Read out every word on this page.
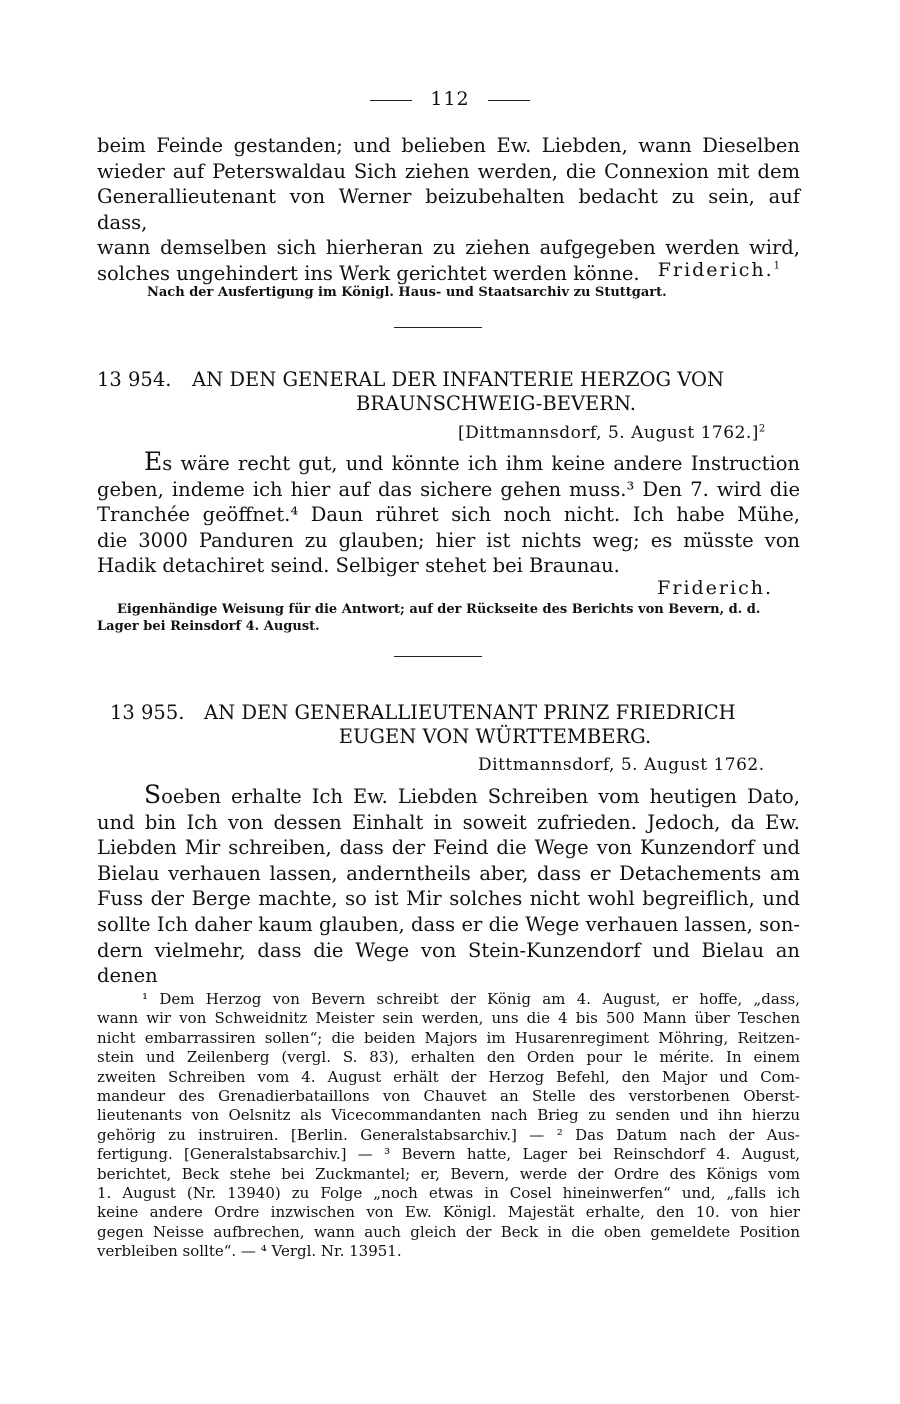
112

beim Feinde gestanden; und belieben Ew. Liebden, wann Dieselben

wieder auf Peterswaldau Sich ziehen werden, die Connexion mit dem

Generallieutenant von Werner beizubehalten bedacht zu sein, auf dass,

wann demselben sich hierheran zu ziehen aufgegeben werden wird,

solches ungehindert ins Werk gerichtet werden könne. Friderich.$^1$
Nach der Ausfertigung im Königl. Haus- und Staatsarchiv zu Stuttgart.
13 954.	AN DEN GENERAL DER INFANTERIE HERZOG VON
BRAUNSCHWEIG-BEVERN.
[Dittmannsdorf, 5. August 1762.]$^2$

Es wäre recht gut, und könnte ich ihm keine andere Instruction

geben, indeme ich hier auf das sichere gehen muss.³ Den 7. wird die

Tranchée geöffnet.⁴ Daun rühret sich noch nicht. Ich habe Mühe,

die 3000 Panduren zu glauben; hier ist nichts weg; es müsste von

Hadik detachiret seind. Selbiger stehet bei Braunau.

Friderich.
Eigenhändige Weisung für die Antwort; auf der Rückseite des Berichts von Bevern, d. d.
Lager bei Reinsdorf 4. August.
13 955.	AN DEN GENERALLIEUTENANT PRINZ FRIEDRICH
EUGEN VON WÜRTTEMBERG.
Dittmannsdorf, 5. August 1762.

Soeben erhalte Ich Ew. Liebden Schreiben vom heutigen Dato,

und bin Ich von dessen Einhalt in soweit zufrieden. Jedoch, da Ew.

Liebden Mir schreiben, dass der Feind die Wege von Kunzendorf und

Bielau verhauen lassen, anderntheils aber, dass er Detachements am

Fuss der Berge machte, so ist Mir solches nicht wohl begreiflich, und

sollte Ich daher kaum glauben, dass er die Wege verhauen lassen, son-

dern vielmehr, dass die Wege von Stein-Kunzendorf und Bielau an denen

¹ Dem Herzog von Bevern schreibt der König am 4. August, er hoffe, „dass,

wann wir von Schweidnitz Meister sein werden, uns die 4 bis 500 Mann über Teschen

nicht embarrassiren sollen“; die beiden Majors im Husarenregiment Möhring, Reitzen-

stein und Zeilenberg (vergl. S. 83), erhalten den Orden pour le mérite. In einem

zweiten Schreiben vom 4. August erhält der Herzog Befehl, den Major und Com-

mandeur des Grenadierbataillons von Chauvet an Stelle des verstorbenen Oberst-

lieutenants von Oelsnitz als Vicecommandanten nach Brieg zu senden und ihn hierzu

gehörig zu instruiren. [Berlin. Generalstabsarchiv.] — ² Das Datum nach der Aus-

fertigung. [Generalstabsarchiv.] — ³ Bevern hatte, Lager bei Reinschdorf 4. August,

berichtet, Beck stehe bei Zuckmantel; er, Bevern, werde der Ordre des Königs vom

1. August (Nr. 13940) zu Folge „noch etwas in Cosel hineinwerfen“ und, „falls ich

keine andere Ordre inzwischen von Ew. Königl. Majestät erhalte, den 10. von hier

gegen Neisse aufbrechen, wann auch gleich der Beck in die oben gemeldete Position

verbleiben sollte“. — ⁴ Vergl. Nr. 13951.
